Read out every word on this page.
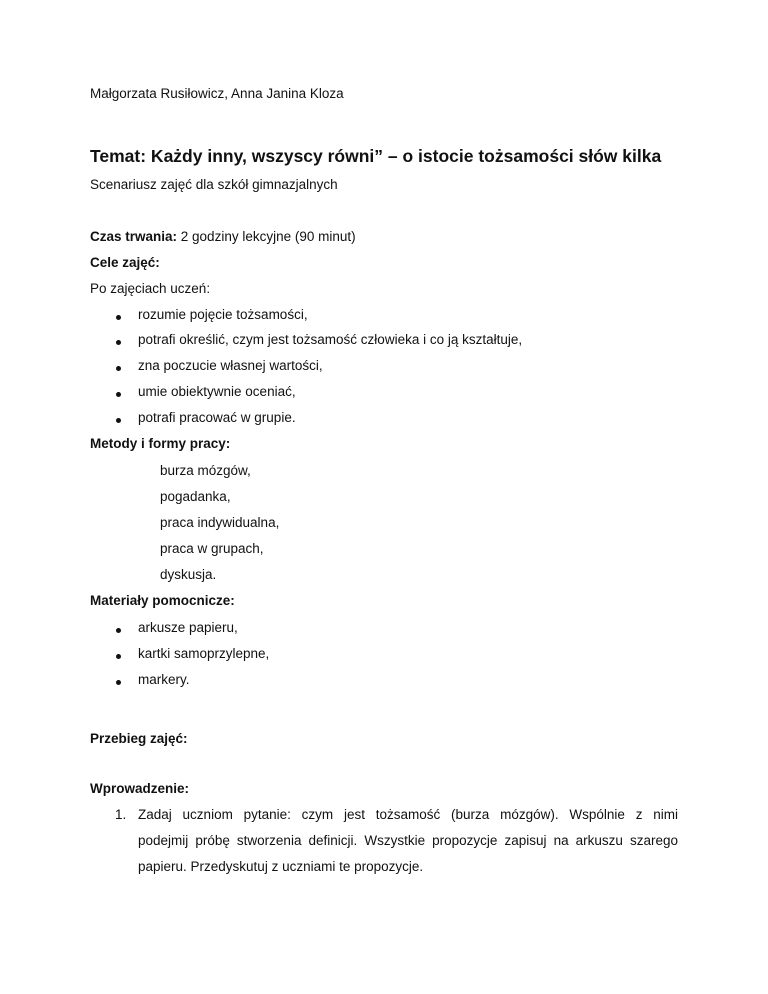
Małgorzata Rusiłowicz, Anna Janina Kloza
Temat: Każdy inny, wszyscy równi” – o istocie tożsamości słów kilka
Scenariusz zajęć dla szkół gimnazjalnych
Czas trwania: 2 godziny lekcyjne (90 minut)
Cele zajęć:
Po zajęciach uczeń:
rozumie pojęcie tożsamości,
potrafi określić, czym jest tożsamość człowieka i co ją kształtuje,
zna poczucie własnej wartości,
umie obiektywnie oceniać,
potrafi pracować w grupie.
Metody i formy pracy:
burza mózgów,
pogadanka,
praca indywidualna,
praca w grupach,
dyskusja.
Materiały pomocnicze:
arkusze papieru,
kartki samoprzylepne,
markery.
Przebieg zajęć:
Wprowadzenie:
1. Zadaj uczniom pytanie: czym jest tożsamość (burza mózgów). Wspólnie z nimi
podejmij próbę stworzenia definicji. Wszystkie propozycje zapisuj na arkuszu szarego
papieru. Przedyskutuj z uczniami te propozycje.
